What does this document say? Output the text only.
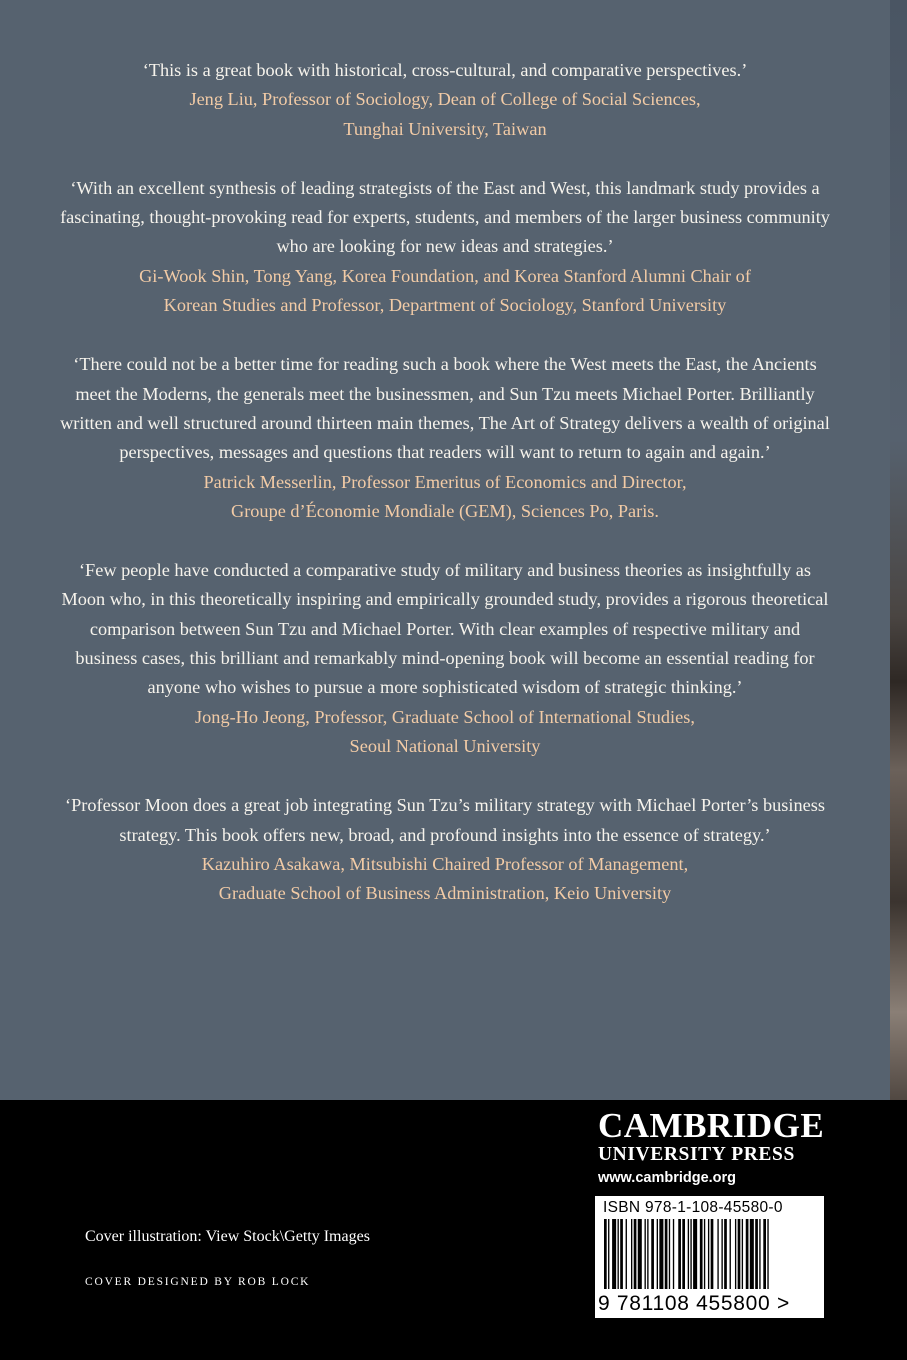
‘This is a great book with historical, cross-cultural, and comparative perspectives.’

Jeng Liu, Professor of Sociology, Dean of College of Social Sciences,

Tunghai University, Taiwan

‘With an excellent synthesis of leading strategists of the East and West, this landmark study provides a fascinating, thought-provoking read for experts, students, and members of the larger business community who are looking for new ideas and strategies.’

Gi-Wook Shin, Tong Yang, Korea Foundation, and Korea Stanford Alumni Chair of

Korean Studies and Professor, Department of Sociology, Stanford University

‘There could not be a better time for reading such a book where the West meets the East, the Ancients meet the Moderns, the generals meet the businessmen, and Sun Tzu meets Michael Porter. Brilliantly written and well structured around thirteen main themes, The Art of Strategy delivers a wealth of original perspectives, messages and questions that readers will want to return to again and again.’

Patrick Messerlin, Professor Emeritus of Economics and Director,

Groupe d’Économie Mondiale (GEM), Sciences Po, Paris.

‘Few people have conducted a comparative study of military and business theories as insightfully as Moon who, in this theoretically inspiring and empirically grounded study, provides a rigorous theoretical comparison between Sun Tzu and Michael Porter. With clear examples of respective military and business cases, this brilliant and remarkably mind-opening book will become an essential reading for anyone who wishes to pursue a more sophisticated wisdom of strategic thinking.’

Jong-Ho Jeong, Professor, Graduate School of International Studies,

Seoul National University

‘Professor Moon does a great job integrating Sun Tzu’s military strategy with Michael Porter’s business strategy. This book offers new, broad, and profound insights into the essence of strategy.’

Kazuhiro Asakawa, Mitsubishi Chaired Professor of Management,

Graduate School of Business Administration, Keio University

CAMBRIDGE

UNIVERSITY PRESS

www.cambridge.org

ISBN 978-1-108-45580-0

9 781108 455800 >

Cover illustration: View Stock\Getty Images

COVER DESIGNED BY ROB LOCK
